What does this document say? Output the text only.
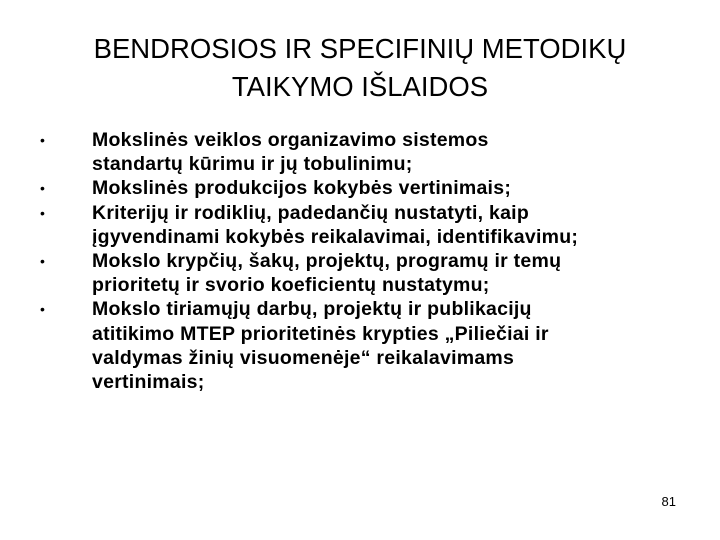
BENDROSIOS IR SPECIFINIŲ METODIKŲ
TAIKYMO IŠLAIDOS
• Mokslinės veiklos organizavimo sistemos
standartų kūrimu ir jų tobulinimu;
• Mokslinės produkcijos kokybės vertinimais;
• Kriterijų ir rodiklių, padedančių nustatyti, kaip
įgyvendinami kokybės reikalavimai, identifikavimu;
• Mokslo krypčių, šakų, projektų, programų ir temų
prioritetų ir svorio koeficientų nustatymu;
• Mokslo tiriamųjų darbų, projektų ir publikacijų
atitikimo MTEP prioritetinės krypties „Piliečiai ir
valdymas žinių visuomenėje“ reikalavimams
vertinimais;
81
